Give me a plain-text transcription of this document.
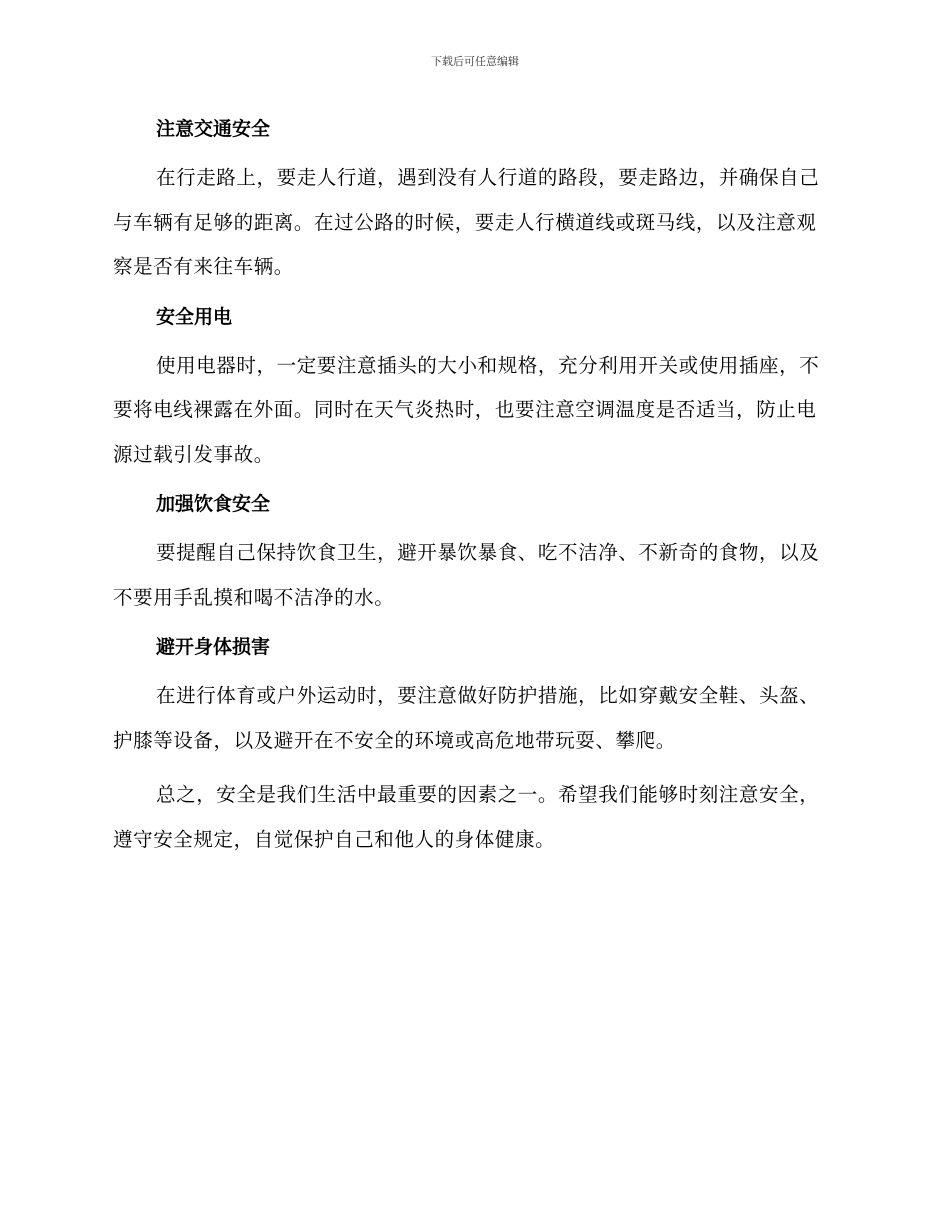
下载后可任意编辑

注意交通安全

在行走路上，要走人行道，遇到没有人行道的路段，要走路边，并确保自己与车辆有足够的距离。在过公路的时候，要走人行横道线或斑马线，以及注意观察是否有来往车辆。

安全用电

使用电器时，一定要注意插头的大小和规格，充分利用开关或使用插座，不要将电线裸露在外面。同时在天气炎热时，也要注意空调温度是否适当，防止电源过载引发事故。

加强饮食安全

要提醒自己保持饮食卫生，避开暴饮暴食、吃不洁净、不新奇的食物，以及不要用手乱摸和喝不洁净的水。

避开身体损害

在进行体育或户外运动时，要注意做好防护措施，比如穿戴安全鞋、头盔、护膝等设备，以及避开在不安全的环境或高危地带玩耍、攀爬。

总之，安全是我们生活中最重要的因素之一。希望我们能够时刻注意安全，遵守安全规定，自觉保护自己和他人的身体健康。
